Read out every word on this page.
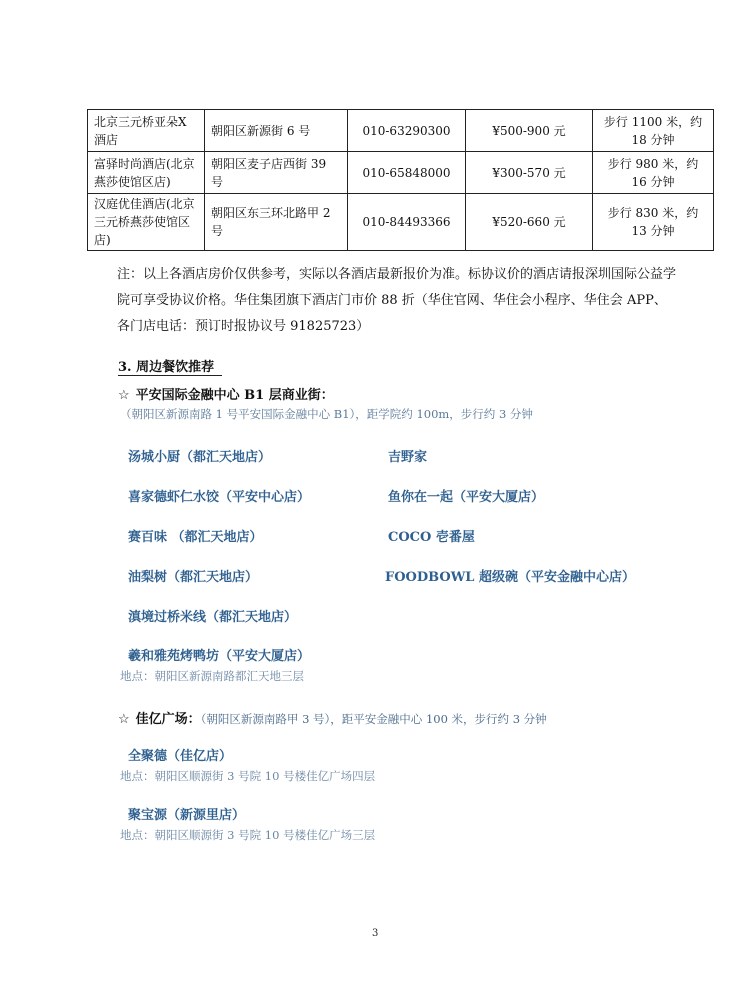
北京三元桥亚朵X酒店	朝阳区新源街 6 号	010-63290300	¥500-900 元	步行 1100 米，约 18 分钟
富驿时尚酒店(北京燕莎使馆区店)	朝阳区麦子店西街 39 号	010-65848000	¥300-570 元	步行 980 米，约 16 分钟
汉庭优佳酒店(北京三元桥燕莎使馆区店)	朝阳区东三环北路甲 2 号	010-84493366	¥520-660 元	步行 830 米，约 13 分钟
注：以上各酒店房价仅供参考，实际以各酒店最新报价为准。标协议价的酒店请报深圳国际公益学院可享受协议价格。华住集团旗下酒店门市价 88 折（华住官网、华住会小程序、华住会 APP、各门店电话：预订时报协议号 91825723）
3. 周边餐饮推荐
☆ 平安国际金融中心 B1 层商业街：
（朝阳区新源南路 1 号平安国际金融中心 B1），距学院约 100m，步行约 3 分钟
汤城小厨（都汇天地店）	吉野家
喜家德虾仁水饺（平安中心店）	鱼你在一起（平安大厦店）
赛百味 （都汇天地店）	COCO 壱番屋
油梨树（都汇天地店）	FOODBOWL 超级碗（平安金融中心店）
滇境过桥米线（都汇天地店）
羲和雅苑烤鸭坊（平安大厦店）
地点：朝阳区新源南路都汇天地三层
☆ 佳亿广场：（朝阳区新源南路甲 3 号），距平安金融中心 100 米，步行约 3 分钟
全聚德（佳亿店）
地点：朝阳区顺源街 3 号院 10 号楼佳亿广场四层
聚宝源（新源里店）
地点：朝阳区顺源街 3 号院 10 号楼佳亿广场三层
3
